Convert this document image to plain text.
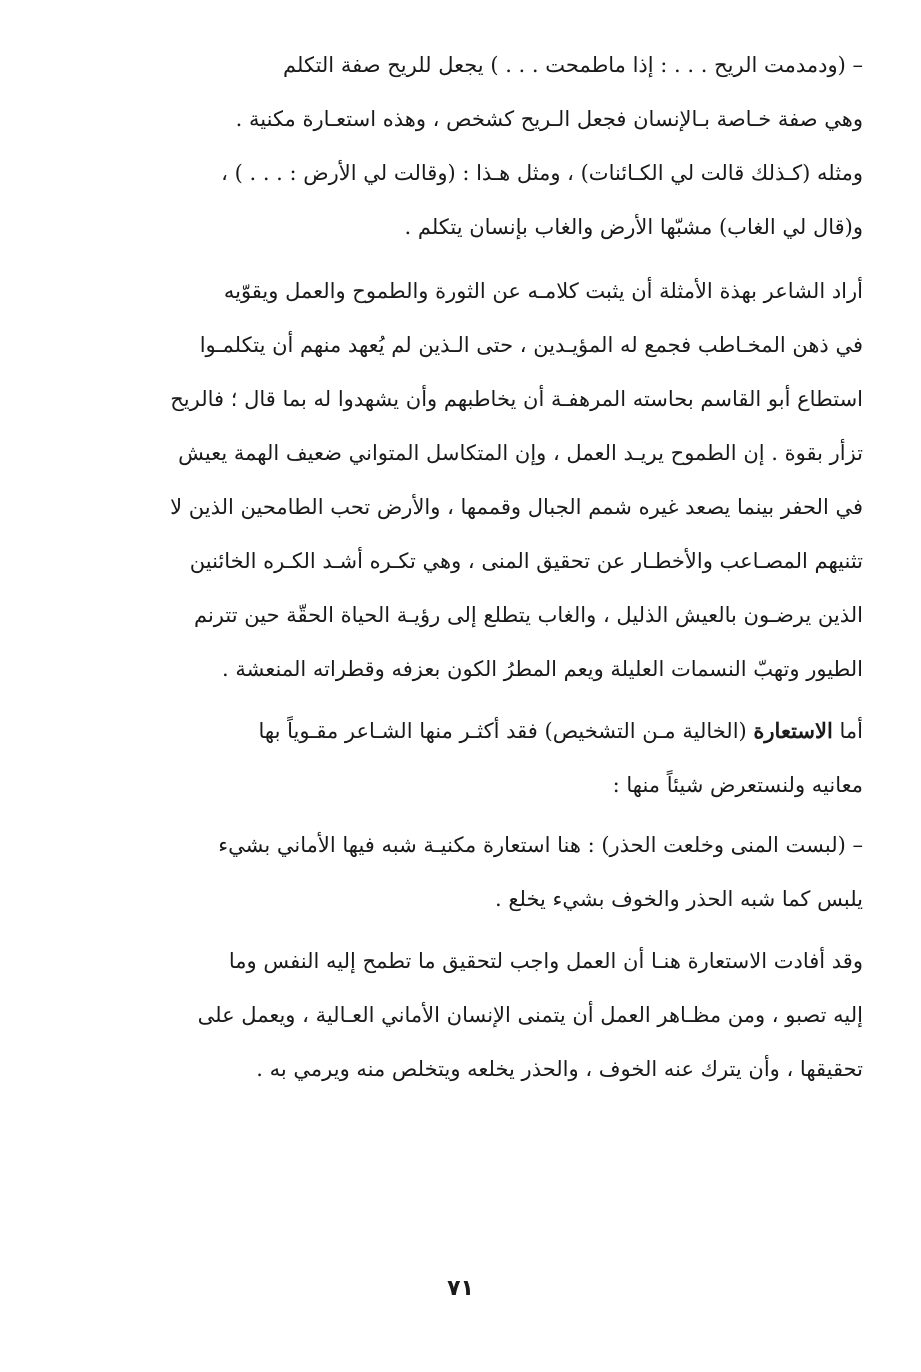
– (ودمدمت الريح . . . : إذا ماطمحت . . . ) يجعل للريح صفة التكلم
وهي صفة خـاصة بـالإنسان فجعل الـريح كشخص ، وهذه استعـارة مكنية .
ومثله (كـذلك قالت لي الكـائنات) ، ومثل هـذا : (وقالت لي الأرض : . . . ) ،
و(قال لي الغاب) مشبّها الأرض والغاب بإنسان يتكلم .
أراد الشاعر بهذة الأمثلة أن يثبت كلامـه عن الثورة والطموح والعمل ويقوّيه
في ذهن المخـاطب فجمع له المؤيـدين ، حتى الـذين لم يُعهد منهم أن يتكلمـوا
استطاع أبو القاسم بحاسته المرهفـة أن يخاطبهم وأن يشهدوا له بما قال ؛ فالريح
تزأر بقوة . إن الطموح يريـد العمل ، وإن المتكاسل المتواني ضعيف الهمة يعيش
في الحفر بينما يصعد غيره شمم الجبال وقممها ، والأرض تحب الطامحين الذين لا
تثنيهم المصـاعب والأخطـار عن تحقيق المنى ، وهي تكـره أشـد الكـره الخائنين
الذين يرضـون بالعيش الذليل ، والغاب يتطلع إلى رؤيـة الحياة الحقّة حين تترنم
الطيور وتهبّ النسمات العليلة ويعم المطرُ الكون بعزفه وقطراته المنعشة .
أما الاستعارة (الخالية مـن التشخيص) فقد أكثـر منها الشـاعر مقـوياً بها
معانيه ولنستعرض شيئاً منها :
– (لبست المنى وخلعت الحذر) : هنا استعارة مكنيـة شبه فيها الأماني بشيء
يلبس كما شبه الحذر والخوف بشيء يخلع .
وقد أفادت الاستعارة هنـا أن العمل واجب لتحقيق ما تطمح إليه النفس وما
إليه تصبو ، ومن مظـاهر العمل أن يتمنى الإنسان الأماني العـالية ، ويعمل على
تحقيقها ، وأن يترك عنه الخوف ، والحذر يخلعه ويتخلص منه ويرمي به .
٧١
